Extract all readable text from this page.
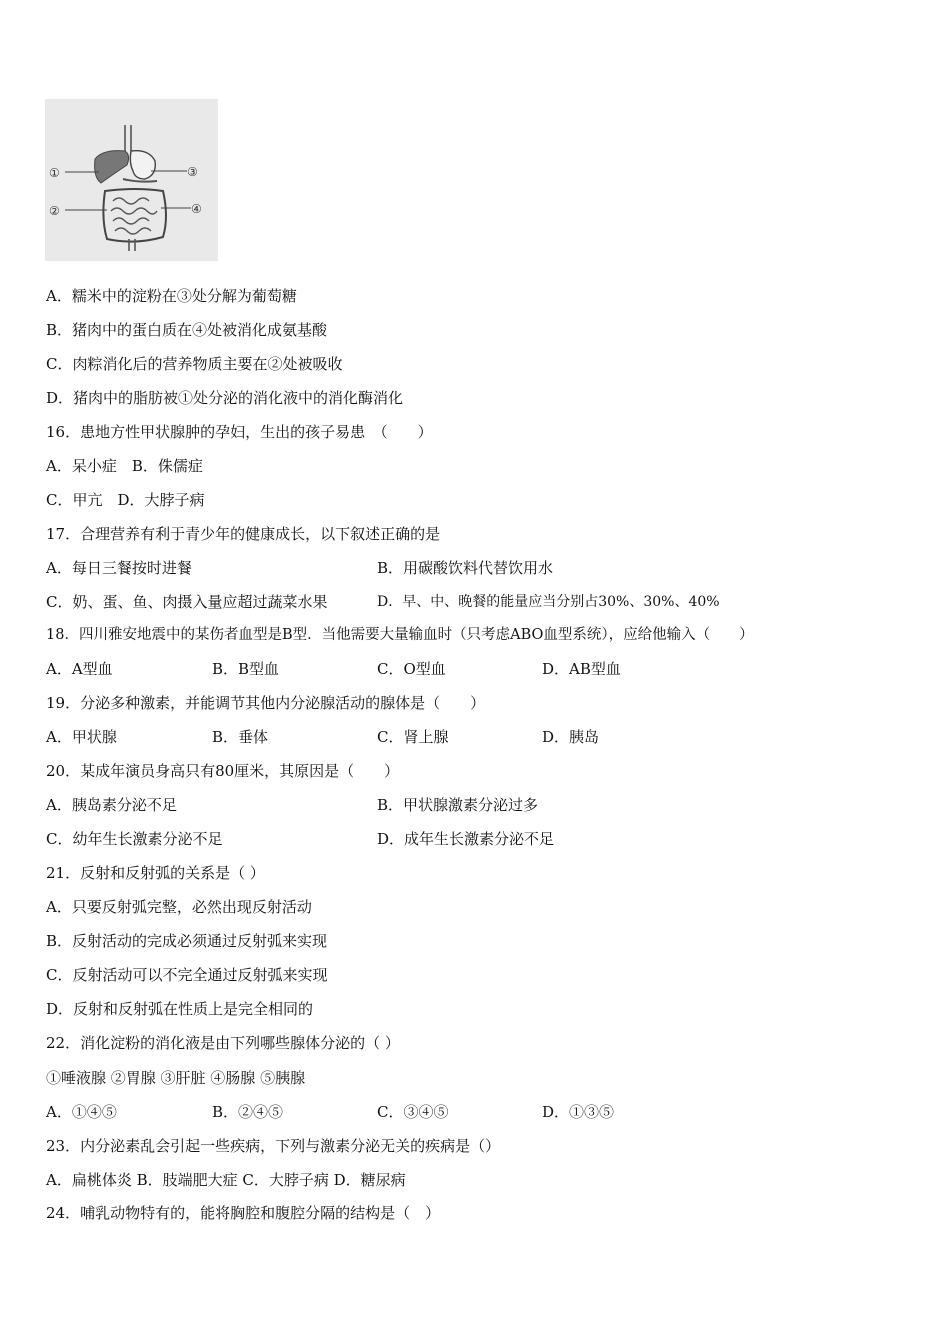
①
②
③
④
A．糯米中的淀粉在③处分解为葡萄糖
B．猪肉中的蛋白质在④处被消化成氨基酸
C．肉粽消化后的营养物质主要在②处被吸收
D．猪肉中的脂肪被①处分泌的消化液中的消化酶消化
16．患地方性甲状腺肿的孕妇，生出的孩子易患　（　　）
A．呆小症　B．侏儒症
C．甲亢　D．大脖子病
17．合理营养有利于青少年的健康成长，以下叙述正确的是
A．每日三餐按时进餐	B．用碳酸饮料代替饮用水
C．奶、蛋、鱼、肉摄入量应超过蔬菜水果	D．早、中、晚餐的能量应当分别占30%、30%、40%
18．四川雅安地震中的某伤者血型是B型．当他需要大量输血时（只考虑ABO血型系统），应给他输入（　　）
A．A型血	B．B型血	C．O型血	D．AB型血
19．分泌多种激素，并能调节其他内分泌腺活动的腺体是（　　）
A．甲状腺	B．垂体	C．肾上腺	D．胰岛
20．某成年演员身高只有80厘米，其原因是（　　）
A．胰岛素分泌不足	B．甲状腺激素分泌过多
C．幼年生长激素分泌不足	D．成年生长激素分泌不足
21．反射和反射弧的关系是（ ）
A．只要反射弧完整，必然出现反射活动
B．反射活动的完成必须通过反射弧来实现
C．反射活动可以不完全通过反射弧来实现
D．反射和反射弧在性质上是完全相同的
22．消化淀粉的消化液是由下列哪些腺体分泌的（ ）
①唾液腺 ②胃腺 ③肝脏 ④肠腺 ⑤胰腺
A．①④⑤	B．②④⑤	C．③④⑤	D．①③⑤
23．内分泌素乱会引起一些疾病，下列与激素分泌无关的疾病是（）
A．扁桃体炎 B．肢端肥大症 C．大脖子病 D．糖尿病
24．哺乳动物特有的，能将胸腔和腹腔分隔的结构是（　）
